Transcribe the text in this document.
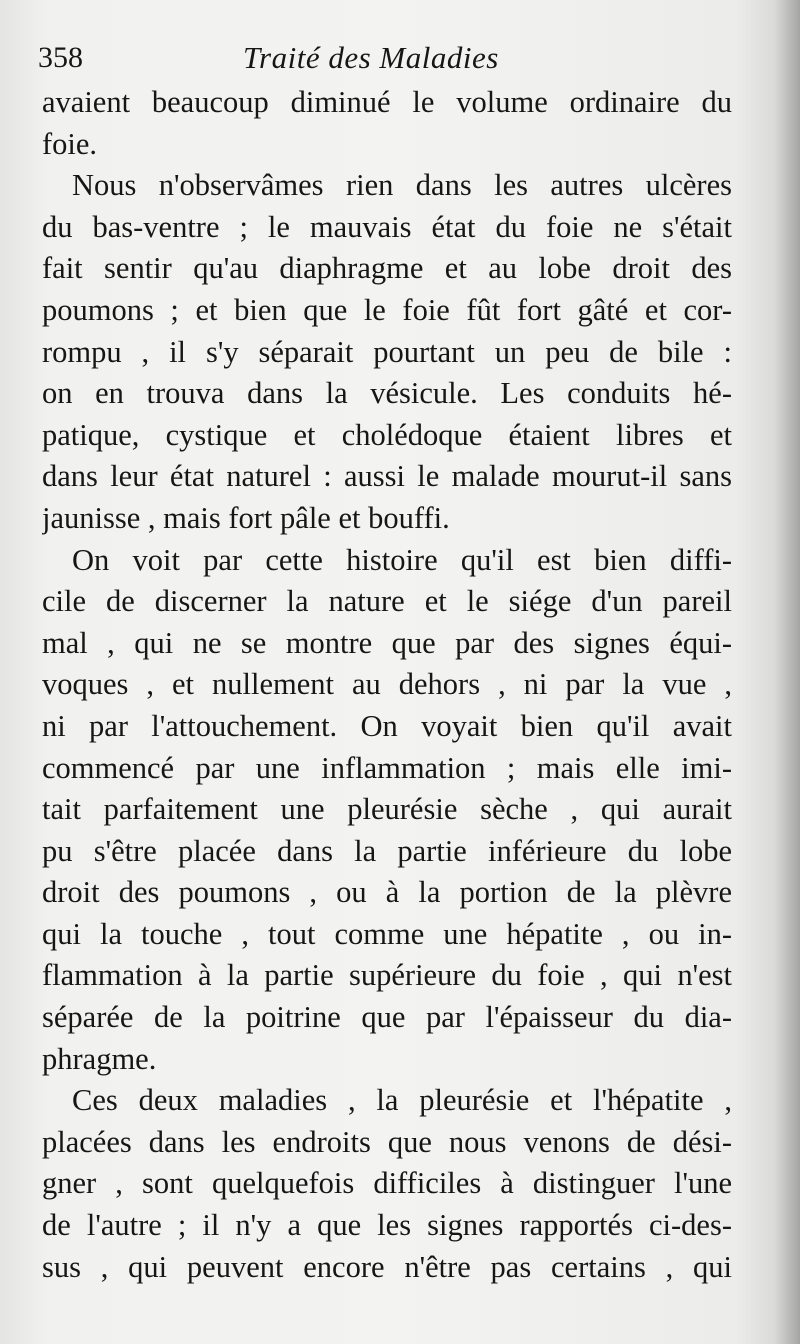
358	Traité des Maladies
avaient beaucoup diminué le volume ordinaire du
foie.
Nous n'observâmes rien dans les autres ulcères
du bas-ventre ; le mauvais état du foie ne s'était
fait sentir qu'au diaphragme et au lobe droit des
poumons ; et bien que le foie fût fort gâté et cor-
rompu , il s'y séparait pourtant un peu de bile :
on en trouva dans la vésicule. Les conduits hé-
patique, cystique et cholédoque étaient libres et
dans leur état naturel : aussi le malade mourut-il sans
jaunisse , mais fort pâle et bouffi.
On voit par cette histoire qu'il est bien diffi-
cile de discerner la nature et le siége d'un pareil
mal , qui ne se montre que par des signes équi-
voques , et nullement au dehors , ni par la vue ,
ni par l'attouchement. On voyait bien qu'il avait
commencé par une inflammation ; mais elle imi-
tait parfaitement une pleurésie sèche , qui aurait
pu s'être placée dans la partie inférieure du lobe
droit des poumons , ou à la portion de la plèvre
qui la touche , tout comme une hépatite , ou in-
flammation à la partie supérieure du foie , qui n'est
séparée de la poitrine que par l'épaisseur du dia-
phragme.
Ces deux maladies , la pleurésie et l'hépatite ,
placées dans les endroits que nous venons de dési-
gner , sont quelquefois difficiles à distinguer l'une
de l'autre ; il n'y a que les signes rapportés ci-des-
sus , qui peuvent encore n'être pas certains , qui
